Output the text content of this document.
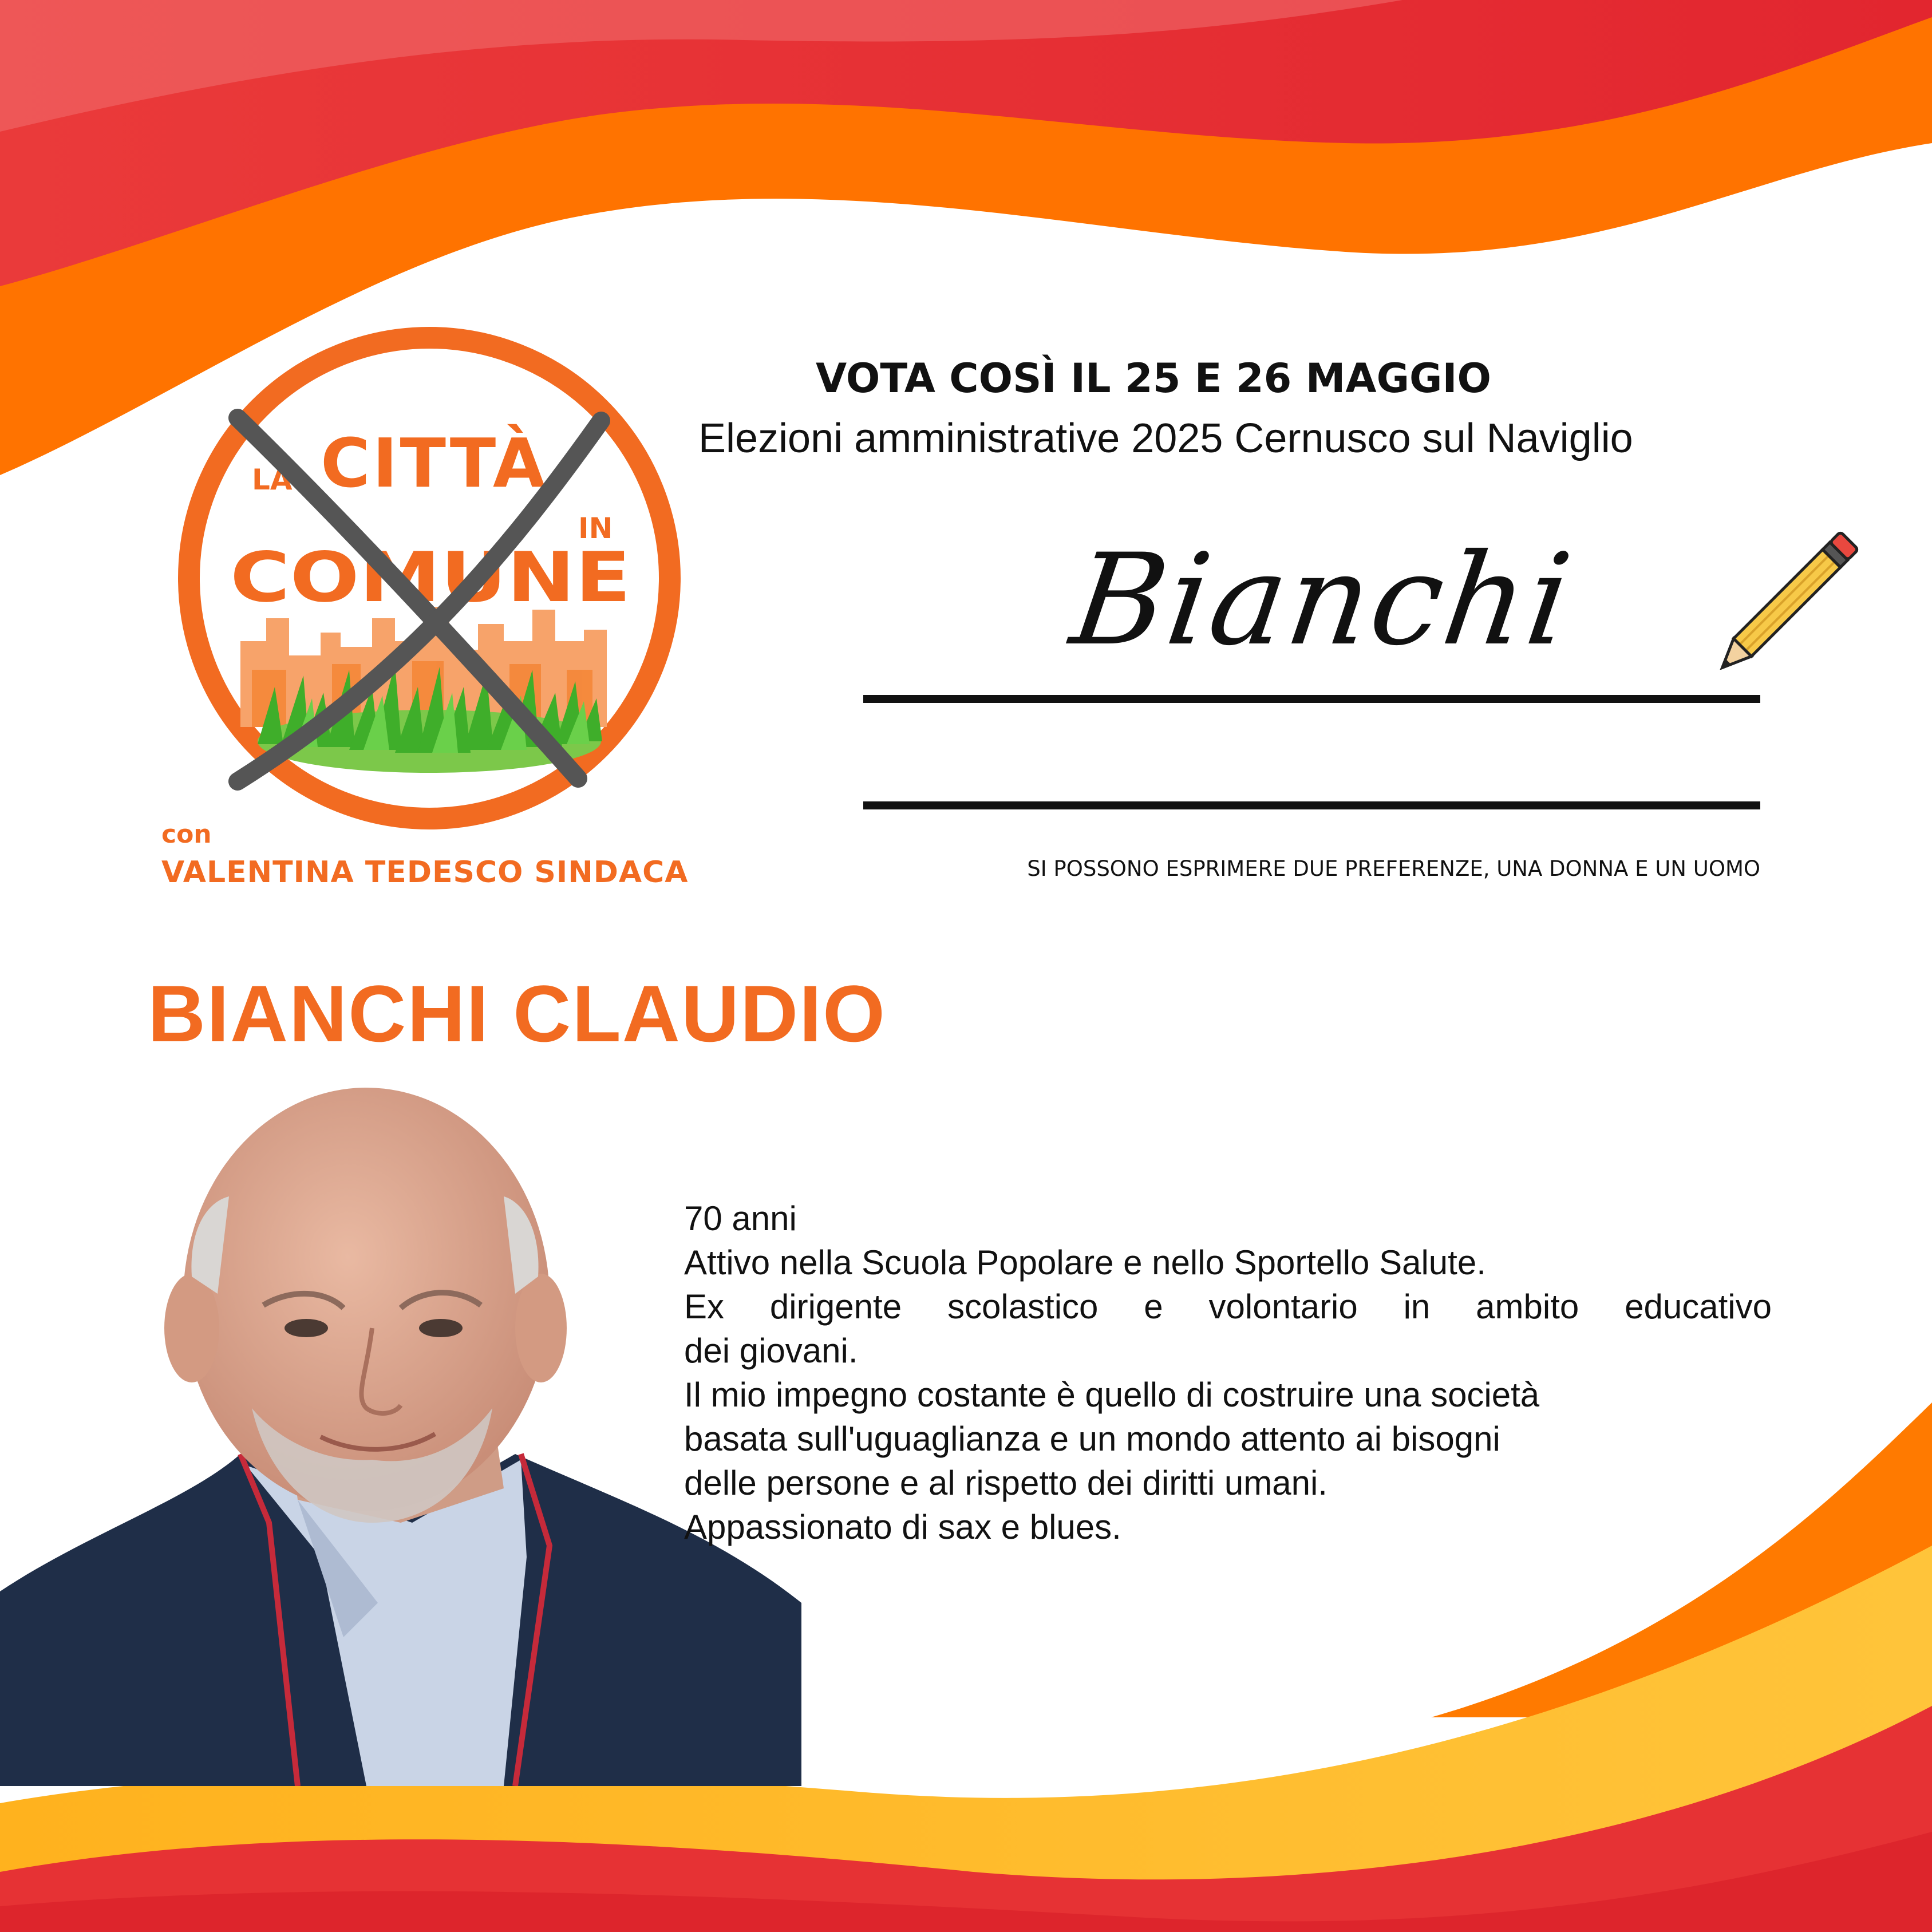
LA CITTÀ
IN
COMUNE

con

VALENTINA TEDESCO SINDACA

VOTA COSÌ IL 25 E 26 MAGGIO

Elezioni amministrative 2025 Cernusco sul Naviglio

Bianchi

SI POSSONO ESPRIMERE DUE PREFERENZE, UNA DONNA E UN UOMO

BIANCHI CLAUDIO

70 anni
Attivo nella Scuola Popolare e nello Sportello Salute.
Ex dirigente scolastico e volontario in ambito educativo
dei giovani.
Il mio impegno costante è quello di costruire una società
basata sull'uguaglianza e un mondo attento ai bisogni
delle persone e al rispetto dei diritti umani.
Appassionato di sax e blues.
